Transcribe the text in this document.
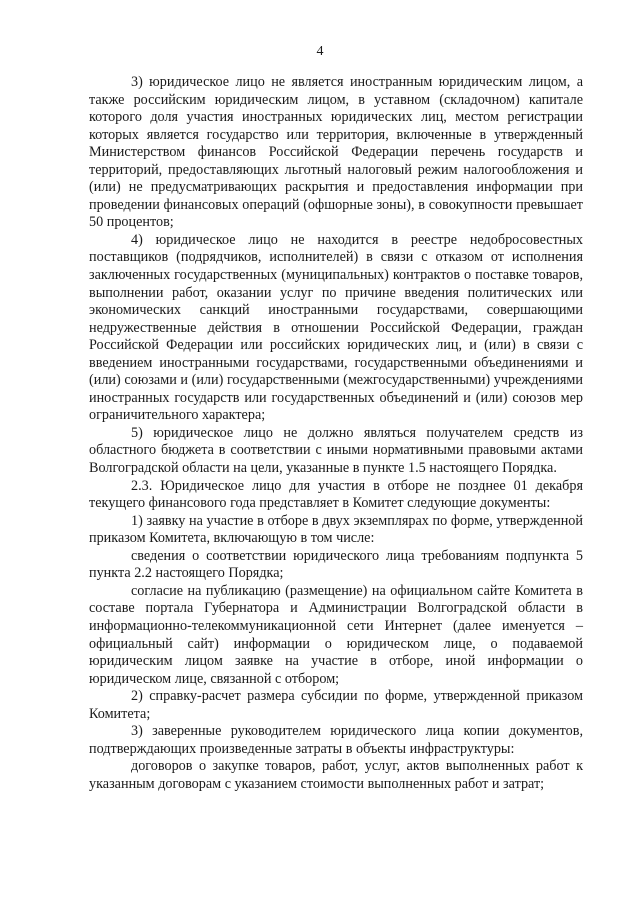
4

3) юридическое лицо не является иностранным юридическим лицом, а также российским юридическим лицом, в уставном (складочном) капитале которого доля участия иностранных юридических лиц, местом регистрации которых является государство или территория, включенные в утвержденный Министерством финансов Российской Федерации перечень государств и территорий, предоставляющих льготный налоговый режим налогообложения и (или) не предусматривающих раскрытия и предоставления информации при проведении финансовых операций (офшорные зоны), в совокупности превышает 50 процентов;

4) юридическое лицо не находится в реестре недобросовестных поставщиков (подрядчиков, исполнителей) в связи с отказом от исполнения заключенных государственных (муниципальных) контрактов о поставке товаров, выполнении работ, оказании услуг по причине введения политических или экономических санкций иностранными государствами, совершающими недружественные действия в отношении Российской Федерации, граждан Российской Федерации или российских юридических лиц, и (или) в связи с введением иностранными государствами, государственными объединениями и (или) союзами и (или) государственными (межгосударственными) учреждениями иностранных государств или государственных объединений и (или) союзов мер ограничительного характера;

5) юридическое лицо не должно являться получателем средств из областного бюджета в соответствии с иными нормативными правовыми актами Волгоградской области на цели, указанные в пункте 1.5 настоящего Порядка.

2.3. Юридическое лицо для участия в отборе не позднее 01 декабря текущего финансового года представляет в Комитет следующие документы:

1) заявку на участие в отборе в двух экземплярах по форме, утвержденной приказом Комитета, включающую в том числе:

сведения о соответствии юридического лица требованиям подпункта 5 пункта 2.2 настоящего Порядка;

согласие на публикацию (размещение) на официальном сайте Комитета в составе портала Губернатора и Администрации Волгоградской области в информационно-телекоммуникационной сети Интернет (далее именуется – официальный сайт) информации о юридическом лице, о подаваемой юридическим лицом заявке на участие в отборе, иной информации о юридическом лице, связанной с отбором;

2) справку-расчет размера субсидии по форме, утвержденной приказом Комитета;

3) заверенные руководителем юридического лица копии документов, подтверждающих произведенные затраты в объекты инфраструктуры:

договоров о закупке товаров, работ, услуг, актов выполненных работ к указанным договорам с указанием стоимости выполненных работ и затрат;
